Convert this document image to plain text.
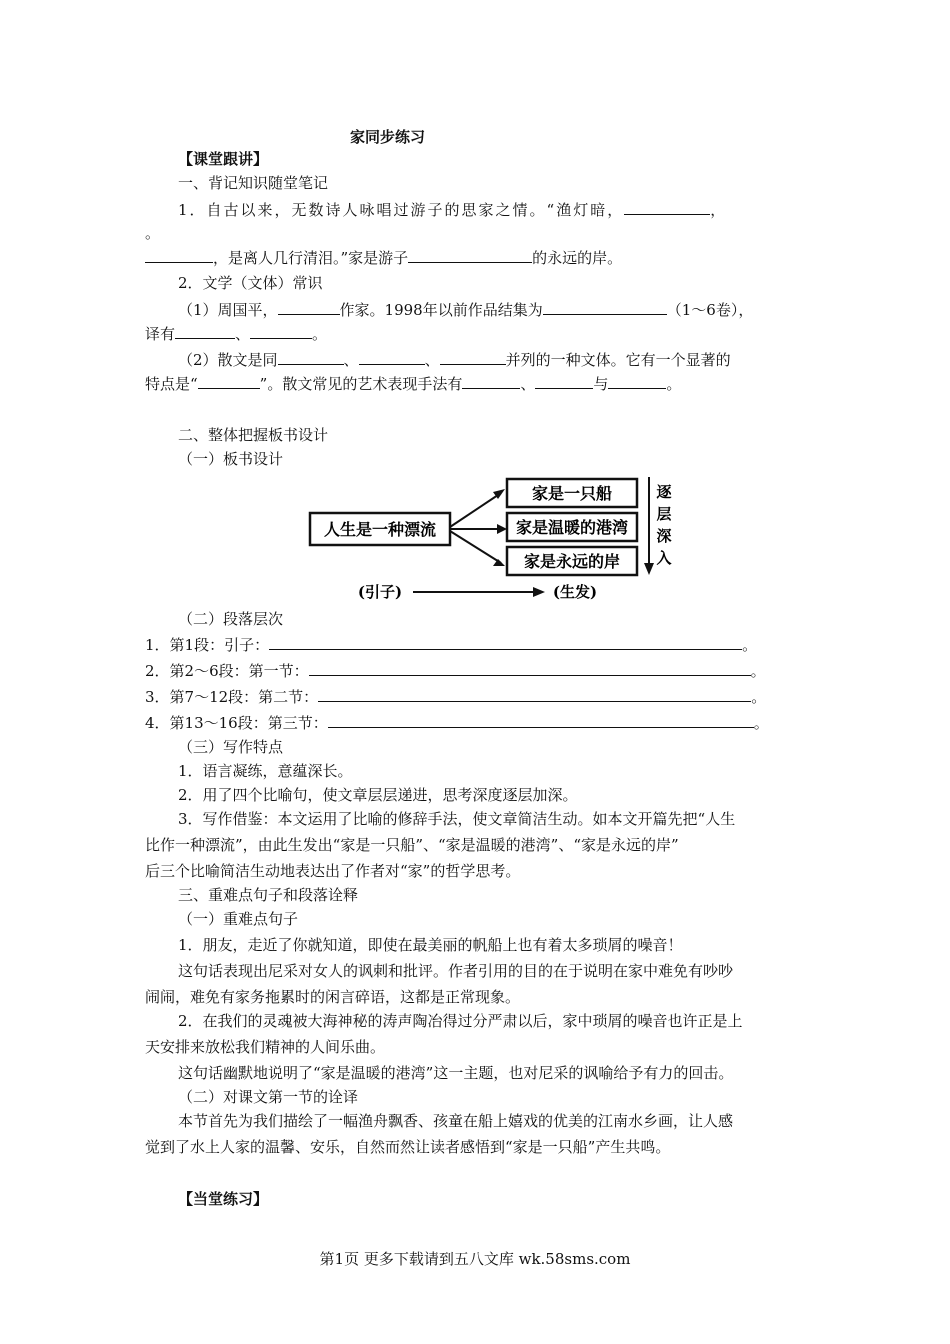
家同步练习
【课堂跟讲】
一、背记知识随堂笔记
1．自古以来，无数诗人咏唱过游子的思家之情。“渔灯暗，	，
。
，是离人几行清泪。”家是游子	的永远的岸。
2．文学（文体）常识
（1）周国平，	作家。1998年以前作品结集为	（1～6卷），
译有	、	。
（2）散文是同	、	、	并列的一种文体。它有一个显著的
特点是“	”。散文常见的艺术表现手法有	、	与	。
二、整体把握板书设计
（一）板书设计
人生是一种漂流
家是一只船
家是温暖的港湾
家是永远的岸
逐
层
深
入
(引子)	(生发)
（二）段落层次
1．第1段：引子：	。
2．第2～6段：第一节：	。
3．第7～12段：第二节：	。
4．第13～16段：第三节：	。
（三）写作特点
1．语言凝练，意蕴深长。
2．用了四个比喻句，使文章层层递进，思考深度逐层加深。
3．写作借鉴：本文运用了比喻的修辞手法，使文章简洁生动。如本文开篇先把“人生
比作一种漂流”，由此生发出“家是一只船”、“家是温暖的港湾”、“家是永远的岸”
后三个比喻简洁生动地表达出了作者对“家”的哲学思考。
三、重难点句子和段落诠释
（一）重难点句子
1．朋友，走近了你就知道，即使在最美丽的帆船上也有着太多琐屑的噪音！
这句话表现出尼采对女人的讽刺和批评。作者引用的目的在于说明在家中难免有吵吵
闹闹，难免有家务拖累时的闲言碎语，这都是正常现象。
2．在我们的灵魂被大海神秘的涛声陶冶得过分严肃以后，家中琐屑的噪音也许正是上
天安排来放松我们精神的人间乐曲。
这句话幽默地说明了“家是温暖的港湾”这一主题，也对尼采的讽喻给予有力的回击。
（二）对课文第一节的诠译
本节首先为我们描绘了一幅渔舟飘香、孩童在船上嬉戏的优美的江南水乡画，让人感
觉到了水上人家的温馨、安乐，自然而然让读者感悟到“家是一只船”产生共鸣。
【当堂练习】
第1页 更多下载请到五八文库 wk.58sms.com
